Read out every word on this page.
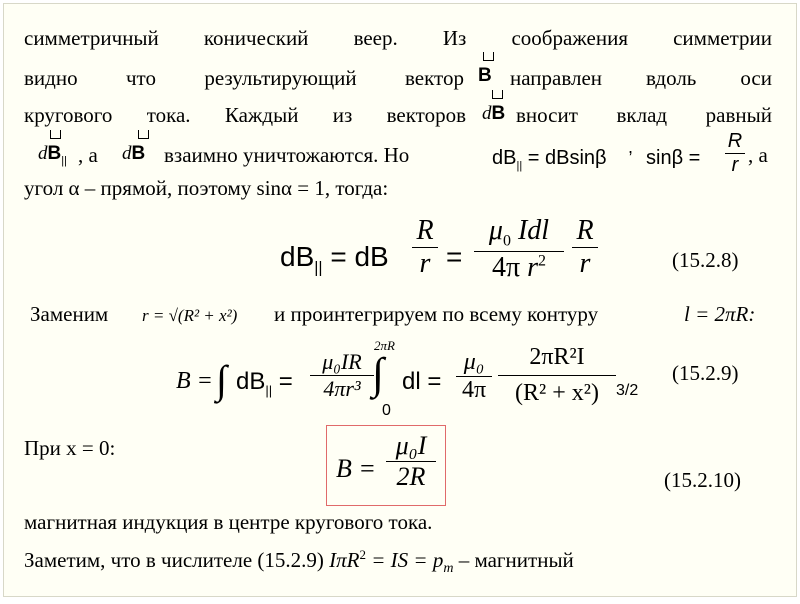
симметричный конический веер. Из соображения симметрии
видно что результирующий вектор B направлен вдоль оси
кругового тока. Каждый из векторов dB вносит вклад равный
$dB_{||}$ , а dB взаимно уничтожаются. Но	$dB_{||} = dBsin\beta$ , sinβ =
R
r , а
угол α – прямой, поэтому sinα = 1, тогда:
$dB_{||}$ = dB
R
r =
$\mu_0$ Idl
4π $r^2$
R
r	(15.2.8)
Заменим r = √(R² + x²) и проинтегрируем по всему контуру	l = 2πR:
B = ∫ $dB_{||}$ =
μ₀IR
4πr³
2πR
∫
0
dl =
μ₀
4π
2πR²I
(R² + x²) 3/2
(15.2.9)
При x = 0:
B =
μ₀I
2R	(15.2.10)
магнитная индукция в центре кругового тока.
Заметим, что в числителе (15.2.9) IπR$^2$ = IS = $p_m$ – магнитный
